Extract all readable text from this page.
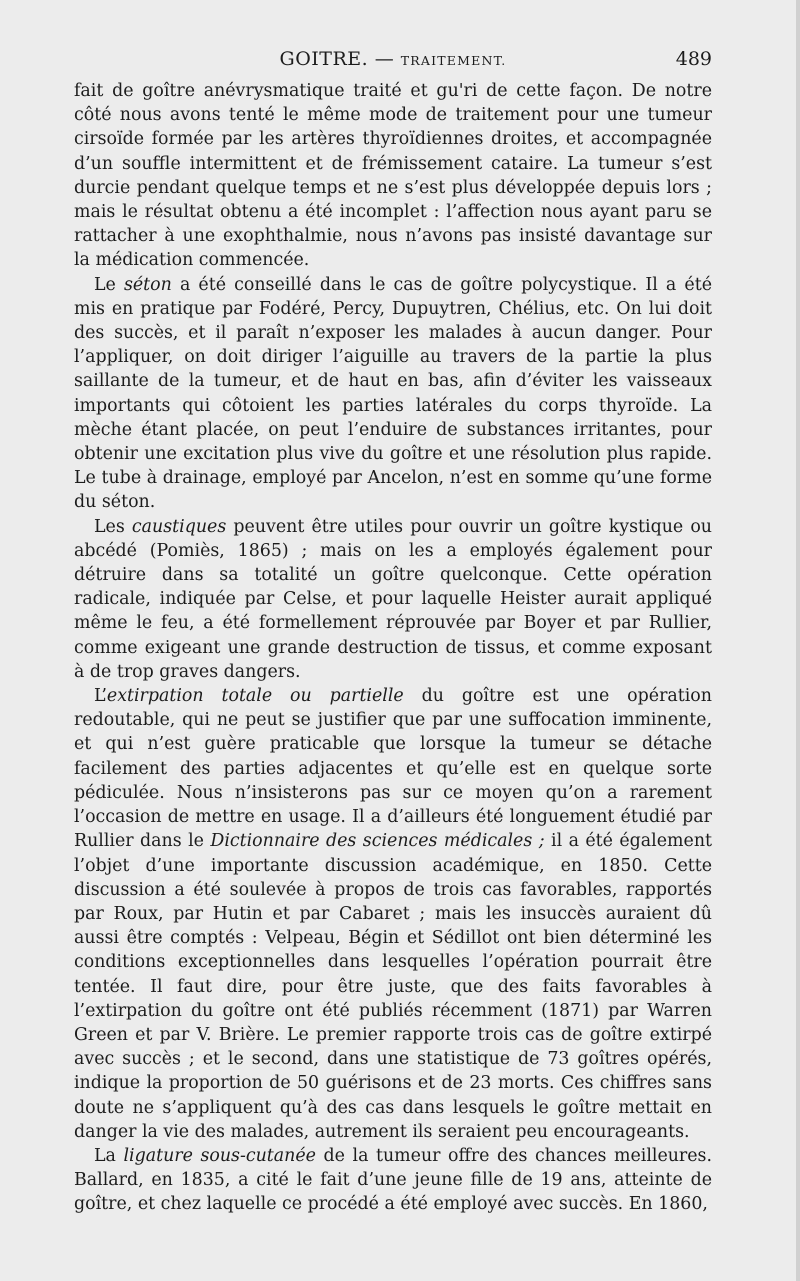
GOITRE. — TRAITEMENT.	489

fait de goître anévrysmatique traité et gu'ri de cette façon. De notre côté nous avons tenté le même mode de traitement pour une tumeur cirsoïde formée par les artères thyroïdiennes droites, et accompagnée d’un souffle intermittent et de frémissement cataire. La tumeur s’est durcie pendant quelque temps et ne s’est plus développée depuis lors ; mais le résultat obtenu a été incomplet : l’affection nous ayant paru se rattacher à une exophthalmie, nous n’avons pas insisté davantage sur la médication commencée.

Le séton a été conseillé dans le cas de goître polycystique. Il a été mis en pratique par Fodéré, Percy, Dupuytren, Chélius, etc. On lui doit des succès, et il paraît n’exposer les malades à aucun danger. Pour l’appliquer, on doit diriger l’aiguille au travers de la partie la plus saillante de la tumeur, et de haut en bas, afin d’éviter les vaisseaux importants qui côtoient les parties latérales du corps thyroïde. La mèche étant placée, on peut l’enduire de substances irritantes, pour obtenir une excitation plus vive du goître et une résolution plus rapide. Le tube à drainage, employé par Ancelon, n’est en somme qu’une forme du séton.

Les caustiques peuvent être utiles pour ouvrir un goître kystique ou abcédé (Pomiès, 1865) ; mais on les a employés également pour détruire dans sa totalité un goître quelconque. Cette opération radicale, indiquée par Celse, et pour laquelle Heister aurait appliqué même le feu, a été formellement réprouvée par Boyer et par Rullier, comme exigeant une grande destruction de tissus, et comme exposant à de trop graves dangers.

L’extirpation totale ou partielle du goître est une opération redoutable, qui ne peut se justifier que par une suffocation imminente, et qui n’est guère praticable que lorsque la tumeur se détache facilement des parties adjacentes et qu’elle est en quelque sorte pédiculée. Nous n’insisterons pas sur ce moyen qu’on a rarement l’occasion de mettre en usage. Il a d’ailleurs été longuement étudié par Rullier dans le Dictionnaire des sciences médicales ; il a été également l’objet d’une importante discussion académique, en 1850. Cette discussion a été soulevée à propos de trois cas favorables, rapportés par Roux, par Hutin et par Cabaret ; mais les insuccès auraient dû aussi être comptés : Velpeau, Bégin et Sédillot ont bien déterminé les conditions exceptionnelles dans lesquelles l’opération pourrait être tentée. Il faut dire, pour être juste, que des faits favorables à l’extirpation du goître ont été publiés récemment (1871) par Warren Green et par V. Brière. Le premier rapporte trois cas de goître extirpé avec succès ; et le second, dans une statistique de 73 goîtres opérés, indique la proportion de 50 guérisons et de 23 morts. Ces chiffres sans doute ne s’appliquent qu’à des cas dans lesquels le goître mettait en danger la vie des malades, autrement ils seraient peu encourageants.

La ligature sous-cutanée de la tumeur offre des chances meilleures. Ballard, en 1835, a cité le fait d’une jeune fille de 19 ans, atteinte de goître, et chez laquelle ce procédé a été employé avec succès. En 1860,
